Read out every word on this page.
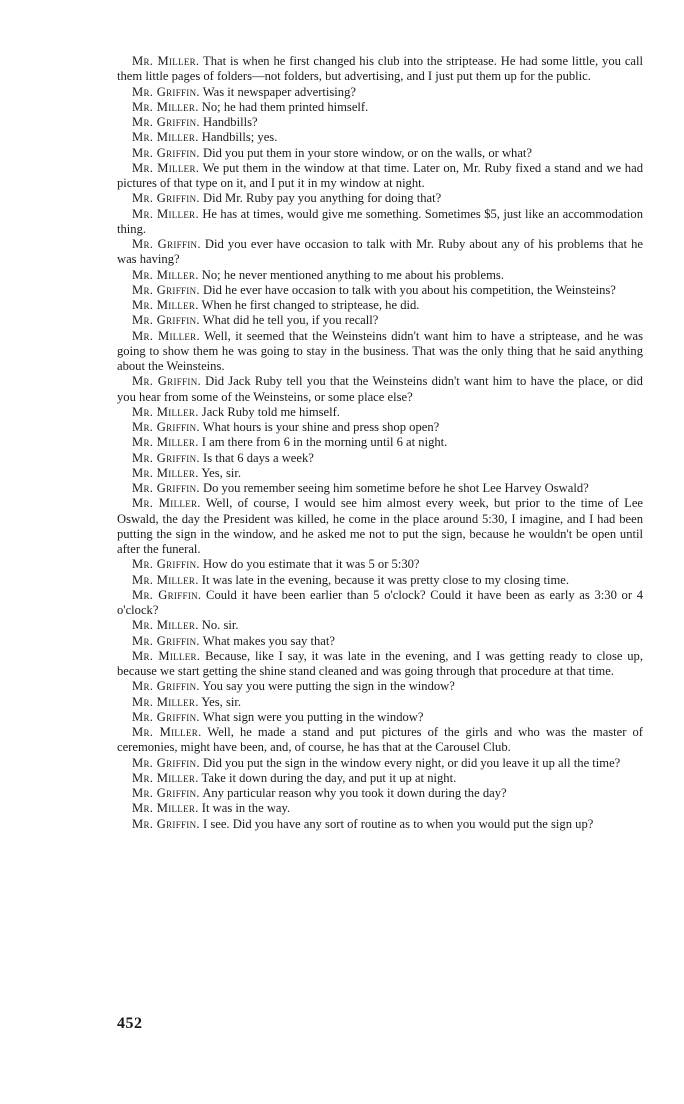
Mr. Miller. That is when he first changed his club into the striptease. He had some little, you call them little pages of folders—not folders, but advertising, and I just put them up for the public.

Mr. Griffin. Was it newspaper advertising?

Mr. Miller. No; he had them printed himself.

Mr. Griffin. Handbills?

Mr. Miller. Handbills; yes.

Mr. Griffin. Did you put them in your store window, or on the walls, or what?

Mr. Miller. We put them in the window at that time. Later on, Mr. Ruby fixed a stand and we had pictures of that type on it, and I put it in my window at night.

Mr. Griffin. Did Mr. Ruby pay you anything for doing that?

Mr. Miller. He has at times, would give me something. Sometimes $5, just like an accommodation thing.

Mr. Griffin. Did you ever have occasion to talk with Mr. Ruby about any of his problems that he was having?

Mr. Miller. No; he never mentioned anything to me about his problems.

Mr. Griffin. Did he ever have occasion to talk with you about his competition, the Weinsteins?

Mr. Miller. When he first changed to striptease, he did.

Mr. Griffin. What did he tell you, if you recall?

Mr. Miller. Well, it seemed that the Weinsteins didn't want him to have a striptease, and he was going to show them he was going to stay in the business. That was the only thing that he said anything about the Weinsteins.

Mr. Griffin. Did Jack Ruby tell you that the Weinsteins didn't want him to have the place, or did you hear from some of the Weinsteins, or some place else?

Mr. Miller. Jack Ruby told me himself.

Mr. Griffin. What hours is your shine and press shop open?

Mr. Miller. I am there from 6 in the morning until 6 at night.

Mr. Griffin. Is that 6 days a week?

Mr. Miller. Yes, sir.

Mr. Griffin. Do you remember seeing him sometime before he shot Lee Harvey Oswald?

Mr. Miller. Well, of course, I would see him almost every week, but prior to the time of Lee Oswald, the day the President was killed, he come in the place around 5:30, I imagine, and I had been putting the sign in the window, and he asked me not to put the sign, because he wouldn't be open until after the funeral.

Mr. Griffin. How do you estimate that it was 5 or 5:30?

Mr. Miller. It was late in the evening, because it was pretty close to my closing time.

Mr. Griffin. Could it have been earlier than 5 o'clock? Could it have been as early as 3:30 or 4 o'clock?

Mr. Miller. No. sir.

Mr. Griffin. What makes you say that?

Mr. Miller. Because, like I say, it was late in the evening, and I was getting ready to close up, because we start getting the shine stand cleaned and was going through that procedure at that time.

Mr. Griffin. You say you were putting the sign in the window?

Mr. Miller. Yes, sir.

Mr. Griffin. What sign were you putting in the window?

Mr. Miller. Well, he made a stand and put pictures of the girls and who was the master of ceremonies, might have been, and, of course, he has that at the Carousel Club.

Mr. Griffin. Did you put the sign in the window every night, or did you leave it up all the time?

Mr. Miller. Take it down during the day, and put it up at night.

Mr. Griffin. Any particular reason why you took it down during the day?

Mr. Miller. It was in the way.

Mr. Griffin. I see. Did you have any sort of routine as to when you would put the sign up?

452
